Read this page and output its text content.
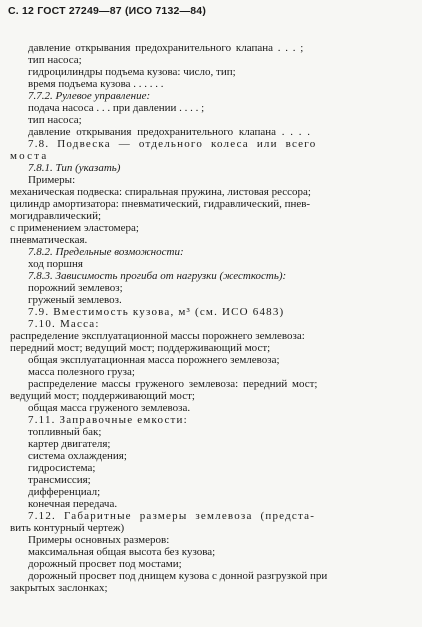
С. 12 ГОСТ 27249—87 (ИСО 7132—84)
давление открывания предохранительного клапана . . . ;
тип насоса;
гидроцилиндры подъема кузова: число, тип;
время подъема кузова . . . . . .
7.7.2. Рулевое управление:
подача насоса . . . при давлении . . . . ;
тип насоса;
давление открывания предохранительного клапана . . . .
7.8. Подвеска — отдельного колеса или всего
моста
7.8.1. Тип (указать)
Примеры:
механическая подвеска: спиральная пружина, листовая рессора;
цилиндр амортизатора: пневматический, гидравлический, пнев-
могидравлический;
с применением эластомера;
пневматическая.
7.8.2. Предельные возможности:
ход поршня
7.8.3. Зависимость прогиба от нагрузки (жесткость):
порожний землевоз;
груженый землевоз.
7.9. Вместимость кузова, м³ (см. ИСО 6483)
7.10. Масса:
распределение эксплуатационной массы порожнего землевоза:
передний мост; ведущий мост; поддерживающий мост;
общая эксплуатационная масса порожнего землевоза;
масса полезного груза;
распределение массы груженого землевоза: передний мост;
ведущий мост; поддерживающий мост;
общая масса груженого землевоза.
7.11. Заправочные емкости:
топливный бак;
картер двигателя;
система охлаждения;
гидросистема;
трансмиссия;
дифференциал;
конечная передача.
7.12. Габаритные размеры землевоза (предста-
вить контурный чертеж)
Примеры основных размеров:
максимальная общая высота без кузова;
дорожный просвет под мостами;
дорожный просвет под днищем кузова с донной разгрузкой при
закрытых заслонках;
